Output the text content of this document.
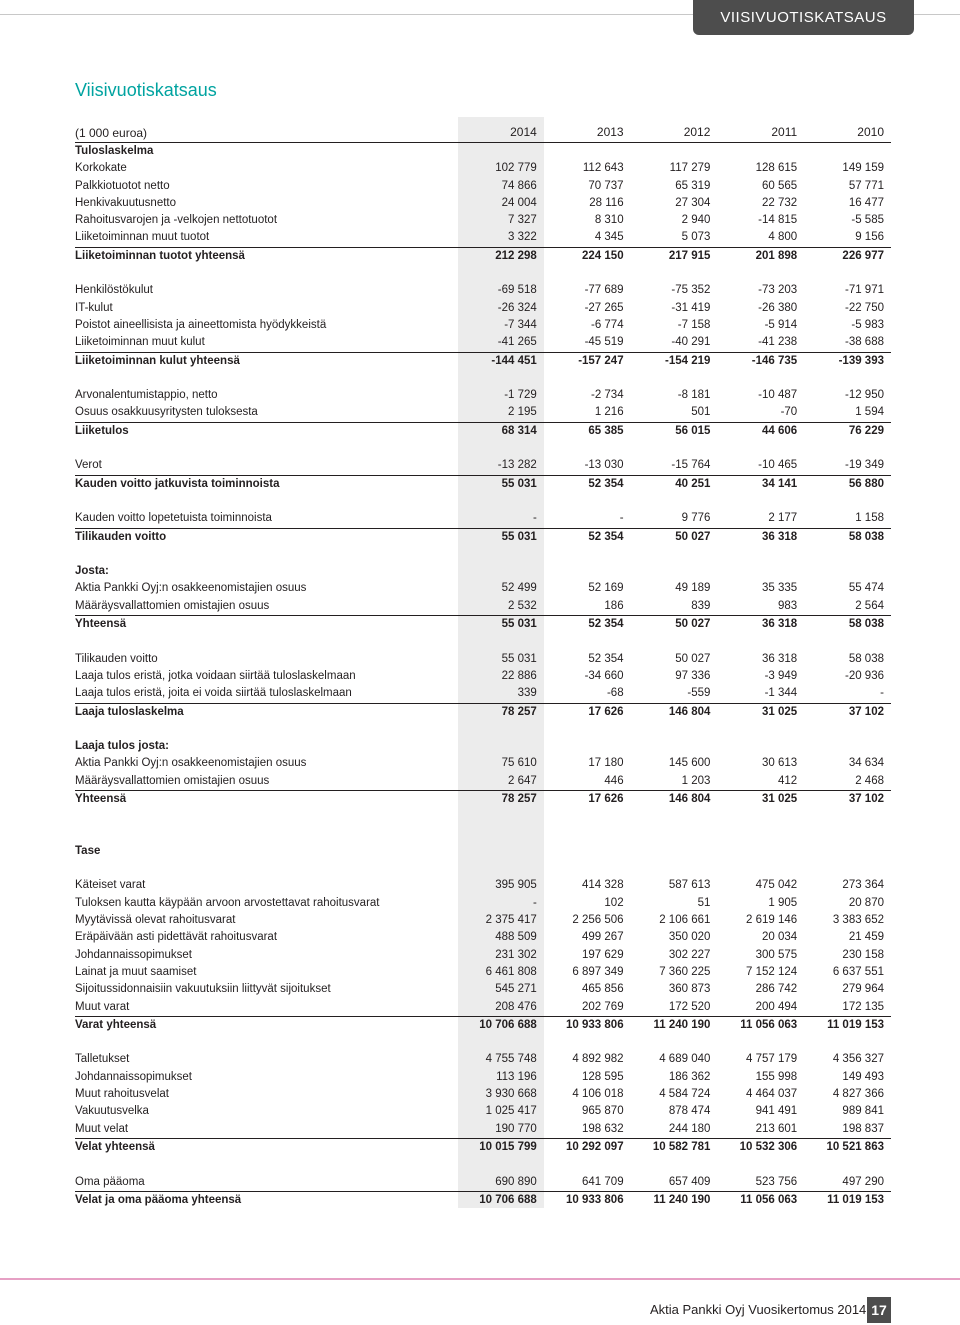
VIISIVUOTISKATSAUS
Viisivuotiskatsaus
(1 000 euroa)	2014	2013	2012	2011	2010
Tuloslaskelma					
Korkokate	102 779	112 643	117 279	128 615	149 159
Palkkiotuotot netto	74 866	70 737	65 319	60 565	57 771
Henkivakuutusnetto	24 004	28 116	27 304	22 732	16 477
Rahoitusvarojen ja -velkojen nettotuotot	7 327	8 310	2 940	-14 815	-5 585
Liiketoiminnan muut tuotot	3 322	4 345	5 073	4 800	9 156
Liiketoiminnan tuotot yhteensä	212 298	224 150	217 915	201 898	226 977

Henkilöstökulut	-69 518	-77 689	-75 352	-73 203	-71 971
IT-kulut	-26 324	-27 265	-31 419	-26 380	-22 750
Poistot aineellisista ja aineettomista hyödykkeistä	-7 344	-6 774	-7 158	-5 914	-5 983
Liiketoiminnan muut kulut	-41 265	-45 519	-40 291	-41 238	-38 688
Liiketoiminnan kulut yhteensä	-144 451	-157 247	-154 219	-146 735	-139 393

Arvonalentumistappio, netto	-1 729	-2 734	-8 181	-10 487	-12 950
Osuus osakkuusyritysten tuloksesta	2 195	1 216	501	-70	1 594
Liiketulos	68 314	65 385	56 015	44 606	76 229

Verot	-13 282	-13 030	-15 764	-10 465	-19 349
Kauden voitto jatkuvista toiminnoista	55 031	52 354	40 251	34 141	56 880

Kauden voitto lopetetuista toiminnoista	-	-	9 776	2 177	1 158
Tilikauden voitto	55 031	52 354	50 027	36 318	58 038

Josta:					
Aktia Pankki Oyj:n osakkeenomistajien osuus	52 499	52 169	49 189	35 335	55 474
Määräysvallattomien omistajien osuus	2 532	186	839	983	2 564
Yhteensä	55 031	52 354	50 027	36 318	58 038

Tilikauden voitto	55 031	52 354	50 027	36 318	58 038
Laaja tulos eristä, jotka voidaan siirtää tuloslaskelmaan	22 886	-34 660	97 336	-3 949	-20 936
Laaja tulos eristä, joita ei voida siirtää tuloslaskelmaan	339	-68	-559	-1 344	-
Laaja tuloslaskelma	78 257	17 626	146 804	31 025	37 102

Laaja tulos josta:					
Aktia Pankki Oyj:n osakkeenomistajien osuus	75 610	17 180	145 600	30 613	34 634
Määräysvallattomien omistajien osuus	2 647	446	1 203	412	2 468
Yhteensä	78 257	17 626	146 804	31 025	37 102

Tase					

Käteiset varat	395 905	414 328	587 613	475 042	273 364
Tuloksen kautta käypään arvoon arvostettavat rahoitusvarat	-	102	51	1 905	20 870
Myytävissä olevat rahoitusvarat	2 375 417	2 256 506	2 106 661	2 619 146	3 383 652
Eräpäivään asti pidettävät rahoitusvarat	488 509	499 267	350 020	20 034	21 459
Johdannaissopimukset	231 302	197 629	302 227	300 575	230 158
Lainat ja muut saamiset	6 461 808	6 897 349	7 360 225	7 152 124	6 637 551
Sijoitussidonnaisiin vakuutuksiin liittyvät sijoitukset	545 271	465 856	360 873	286 742	279 964
Muut varat	208 476	202 769	172 520	200 494	172 135
Varat yhteensä	10 706 688	10 933 806	11 240 190	11 056 063	11 019 153

Talletukset	4 755 748	4 892 982	4 689 040	4 757 179	4 356 327
Johdannaissopimukset	113 196	128 595	186 362	155 998	149 493
Muut rahoitusvelat	3 930 668	4 106 018	4 584 724	4 464 037	4 827 366
Vakuutusvelka	1 025 417	965 870	878 474	941 491	989 841
Muut velat	190 770	198 632	244 180	213 601	198 837
Velat yhteensä	10 015 799	10 292 097	10 582 781	10 532 306	10 521 863

Oma pääoma	690 890	641 709	657 409	523 756	497 290
Velat ja oma pääoma yhteensä	10 706 688	10 933 806	11 240 190	11 056 063	11 019 153
Aktia Pankki Oyj Vuosikertomus 2014 17
